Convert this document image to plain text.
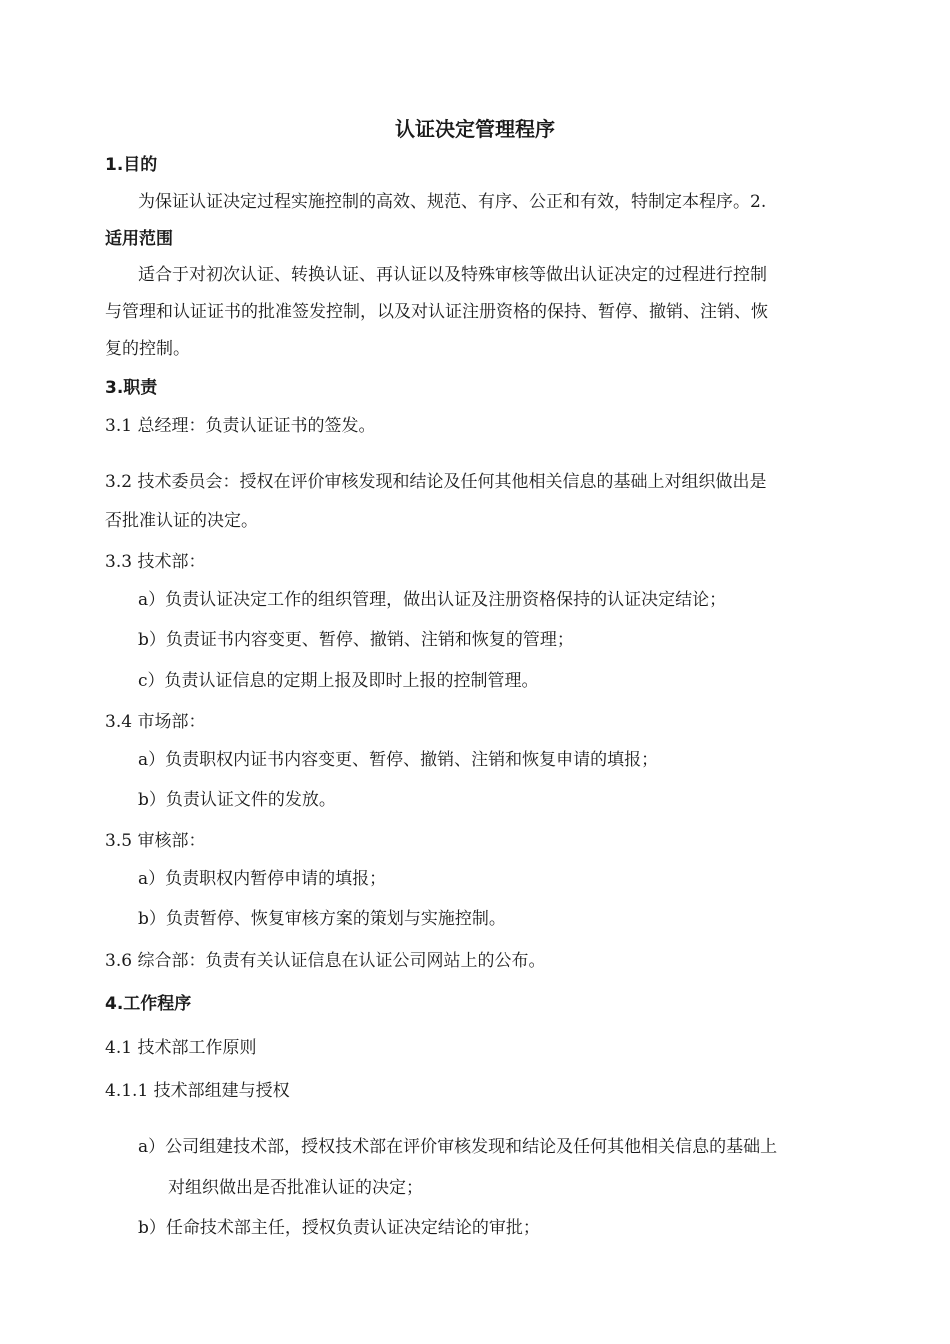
认证决定管理程序
1.目的
为保证认证决定过程实施控制的高效、规范、有序、公正和有效，特制定本程序。2.
适用范围
适合于对初次认证、转换认证、再认证以及特殊审核等做出认证决定的过程进行控制
与管理和认证证书的批准签发控制，以及对认证注册资格的保持、暂停、撤销、注销、恢
复的控制。
3.职责
3.1 总经理：负责认证证书的签发。
3.2 技术委员会：授权在评价审核发现和结论及任何其他相关信息的基础上对组织做出是
否批准认证的决定。
3.3 技术部：
a）负责认证决定工作的组织管理，做出认证及注册资格保持的认证决定结论；
b）负责证书内容变更、暂停、撤销、注销和恢复的管理；
c）负责认证信息的定期上报及即时上报的控制管理。
3.4 市场部：
a）负责职权内证书内容变更、暂停、撤销、注销和恢复申请的填报；
b）负责认证文件的发放。
3.5 审核部：
a）负责职权内暂停申请的填报；
b）负责暂停、恢复审核方案的策划与实施控制。
3.6 综合部：负责有关认证信息在认证公司网站上的公布。
4.工作程序
4.1 技术部工作原则
4.1.1 技术部组建与授权
a）公司组建技术部，授权技术部在评价审核发现和结论及任何其他相关信息的基础上
对组织做出是否批准认证的决定；
b）任命技术部主任，授权负责认证决定结论的审批；
